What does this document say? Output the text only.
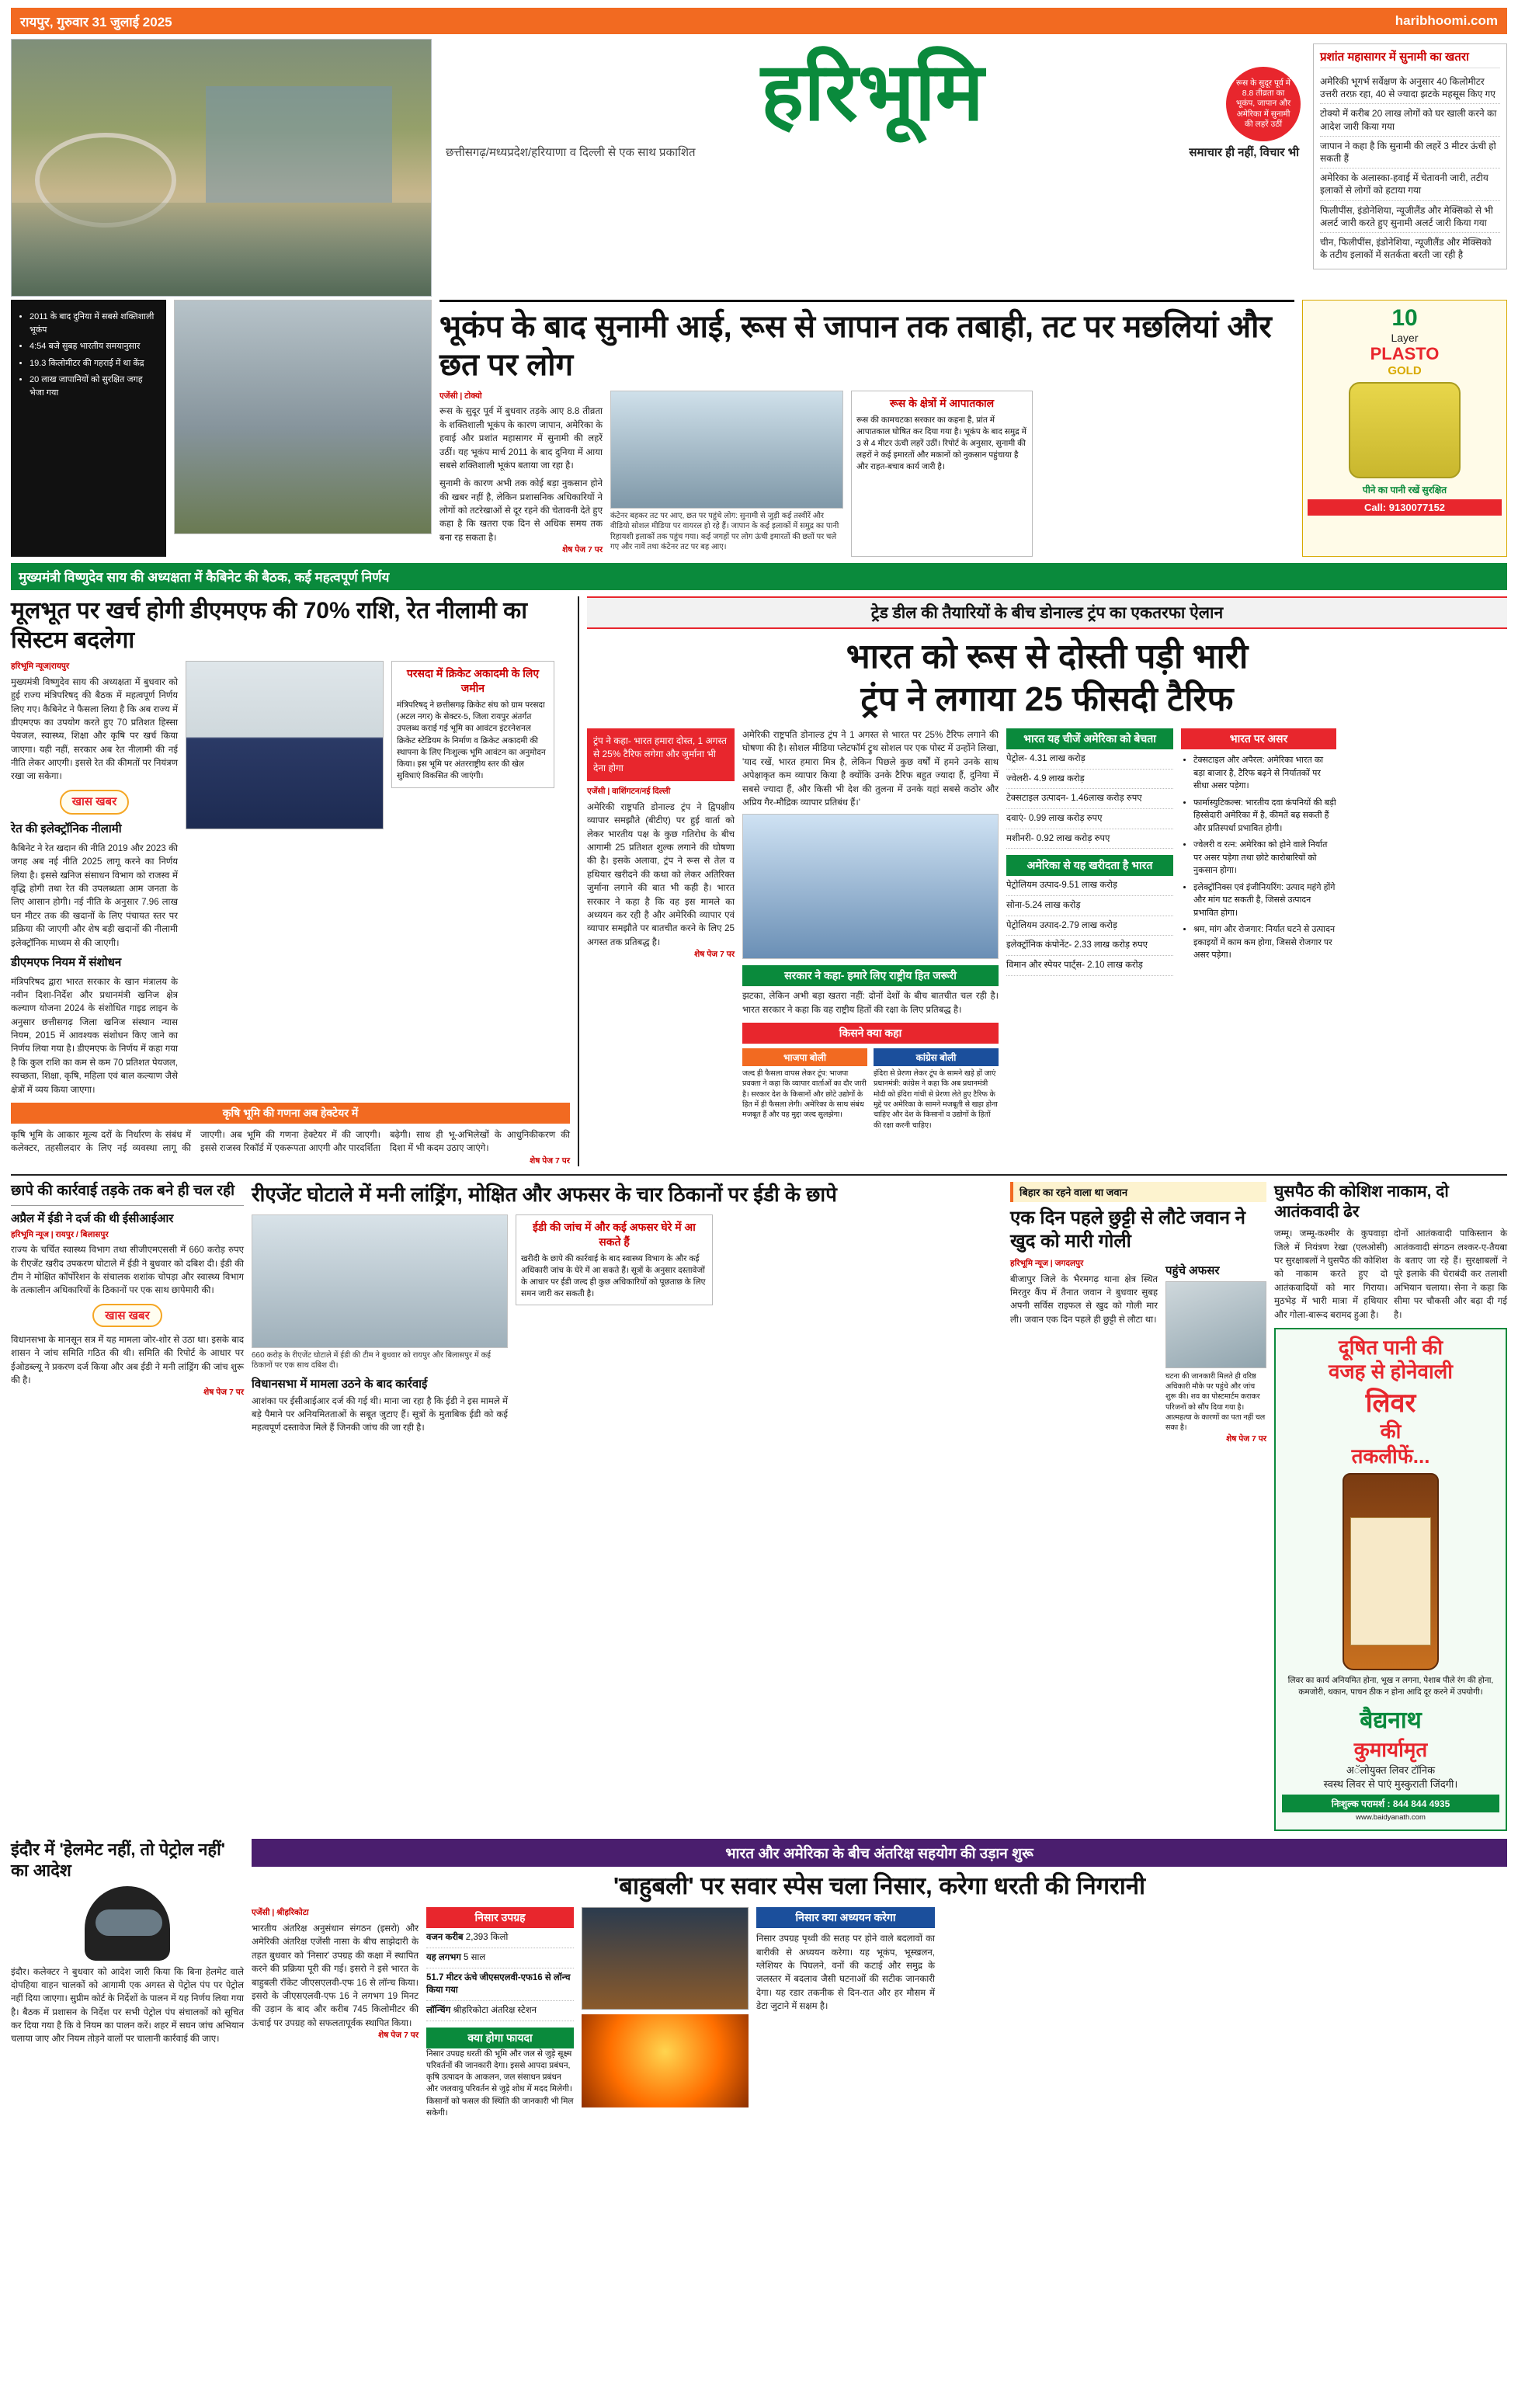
रायपुर, गुरुवार 31 जुलाई 2025	haribhoomi.com
हरिभूमि
छत्तीसगढ़/मध्यप्रदेश/हरियाणा व दिल्ली से एक साथ प्रकाशित	समाचार ही नहीं, विचार भी
रूस के सुदूर पूर्व में 8.8 तीव्रता का भूकंप, जापान और अमेरिका में सुनामी की लहरें उठीं
प्रशांत महासागर में सुनामी का खतरा
अमेरिकी भूगर्भ सर्वेक्षण के अनुसार 40 किलोमीटर उत्तरी तरफ़ रहा, 40 से ज्यादा झटके महसूस किए गए
टोक्यो में करीब 20 लाख लोगों को घर खाली करने का आदेश जारी किया गया
जापान ने कहा है कि सुनामी की लहरें 3 मीटर ऊंची हो सकती हैं
अमेरिका के अलास्का-हवाई में चेतावनी जारी, तटीय इलाकों से लोगों को हटाया गया
फिलीपींस, इंडोनेशिया, न्यूजीलैंड और मेक्सिको से भी अलर्ट जारी करते हुए सुनामी अलर्ट जारी किया गया
चीन, फिलीपींस, इंडोनेशिया, न्यूजीलैंड और मेक्सिको के तटीय इलाकों में सतर्कता बरती जा रही है
• 2011 के बाद दुनिया में सबसे शक्तिशाली भूकंप
• 4:54 बजे सुबह भारतीय समयानुसार
• 19.3 किलोमीटर की गहराई में था केंद्र
• 20 लाख जापानियों को सुरक्षित जगह भेजा गया
भूकंप के बाद सुनामी आई, रूस से जापान तक तबाही, तट पर मछलियां और छत पर लोग
एजेंसी | टोक्यो
रूस के सुदूर पूर्व में बुधवार तड़के आए 8.8 तीव्रता के शक्तिशाली भूकंप के कारण जापान, अमेरिका के हवाई और प्रशांत महासागर में सुनामी की लहरें उठीं। यह भूकंप मार्च 2011 के बाद दुनिया में आया सबसे शक्तिशाली भूकंप बताया जा रहा है।
सुनामी के कारण अभी तक कोई बड़ा नुकसान होने की खबर नहीं है, लेकिन प्रशासनिक अधिकारियों ने लोगों को तटरेखाओं से दूर रहने की चेतावनी देते हुए कहा है कि खतरा एक दिन से अधिक समय तक बना रह सकता है।
शेष पेज 7 पर
कंटेनर बहकर तट पर आए, छत पर पहुंचे लोग: सुनामी से जुड़ी कई तस्वीरें और वीडियो सोशल मीडिया पर वायरल हो रहे हैं। जापान के कई इलाकों में समुद्र का पानी रिहायशी इलाकों तक पहुंच गया। कई जगहों पर लोग ऊंची इमारतों की छतों पर चले गए और नावें तथा कंटेनर तट पर बह आए।
रूस के क्षेत्रों में आपातकाल
रूस की कामचटका सरकार का कहना है, प्रांत में आपातकाल घोषित कर दिया गया है। भूकंप के बाद समुद्र में 3 से 4 मीटर ऊंची लहरें उठीं। रिपोर्ट के अनुसार, सुनामी की लहरों ने कई इमारतों और मकानों को नुकसान पहुंचाया है और राहत-बचाव कार्य जारी है।
10
Layer
PLASTO
GOLD
पीने का पानी रखें सुरक्षित
Call: 9130077152
मुख्यमंत्री विष्णुदेव साय की अध्यक्षता में कैबिनेट की बैठक, कई महत्वपूर्ण निर्णय
मूलभूत पर खर्च होगी डीएमएफ की 70% राशि, रेत नीलामी का सिस्टम बदलेगा
हरिभूमि न्यूज|रायपुर
मुख्यमंत्री विष्णुदेव साय की अध्यक्षता में बुधवार को हुई राज्य मंत्रिपरिषद् की बैठक में महत्वपूर्ण निर्णय लिए गए। कैबिनेट ने फैसला लिया है कि अब राज्य में डीएमएफ का उपयोग करते हुए 70 प्रतिशत हिस्सा पेयजल, स्वास्थ्य, शिक्षा और कृषि पर खर्च किया जाएगा। यही नहीं, सरकार अब रेत नीलामी की नई नीति लेकर आएगी। इससे रेत की कीमतों पर नियंत्रण रखा जा सकेगा।
खास खबर
रेत की इलेक्ट्रॉनिक नीलामी
कैबिनेट ने रेत खदान की नीति 2019 और 2023 की जगह अब नई नीति 2025 लागू करने का निर्णय लिया है। इससे खनिज संसाधन विभाग को राजस्व में वृद्धि होगी तथा रेत की उपलब्धता आम जनता के लिए आसान होगी। नई नीति के अनुसार 7.96 लाख घन मीटर तक की खदानों के लिए पंचायत स्तर पर प्रक्रिया की जाएगी और शेष बड़ी खदानों की नीलामी इलेक्ट्रॉनिक माध्यम से की जाएगी।
डीएमएफ नियम में संशोधन
मंत्रिपरिषद द्वारा भारत सरकार के खान मंत्रालय के नवीन दिशा-निर्देश और प्रधानमंत्री खनिज क्षेत्र कल्याण योजना 2024 के संशोधित गाइड लाइन के अनुसार छत्तीसगढ़ जिला खनिज संस्थान न्यास नियम, 2015 में आवश्यक संशोधन किए जाने का निर्णय लिया गया है। डीएमएफ के निर्णय में कहा गया है कि कुल राशि का कम से कम 70 प्रतिशत पेयजल, स्वच्छता, शिक्षा, कृषि, महिला एवं बाल कल्याण जैसे क्षेत्रों में व्यय किया जाएगा।
परसदा में क्रिकेट अकादमी के लिए जमीन
मंत्रिपरिषद् ने छत्तीसगढ़ क्रिकेट संघ को ग्राम परसदा (अटल नगर) के सेक्टर-5, जिला रायपुर अंतर्गत उपलब्ध कराई गई भूमि का आवंटन इंटरनेशनल क्रिकेट स्टेडियम के निर्माण व क्रिकेट अकादमी की स्थापना के लिए निःशुल्क भूमि आवंटन का अनुमोदन किया। इस भूमि पर अंतरराष्ट्रीय स्तर की खेल सुविधाएं विकसित की जाएंगी।
कृषि भूमि की गणना अब हेक्टेयर में
कृषि भूमि के आकार मूल्य दरों के निर्धारण के संबंध में कलेक्टर, तहसीलदार के लिए नई व्यवस्था लागू की जाएगी। अब भूमि की गणना हेक्टेयर में की जाएगी। इससे राजस्व रिकॉर्ड में एकरूपता आएगी और पारदर्शिता बढ़ेगी। साथ ही भू-अभिलेखों के आधुनिकीकरण की दिशा में भी कदम उठाए जाएंगे।
शेष पेज 7 पर
ट्रेड डील की तैयारियों के बीच डोनाल्ड ट्रंप का एकतरफा ऐलान
भारत को रूस से दोस्ती पड़ी भारी
ट्रंप ने लगाया 25 फीसदी टैरिफ
ट्रंप ने कहा- भारत हमारा दोस्त, 1 अगस्त से 25% टैरिफ लगेगा और जुर्माना भी देना होगा
एजेंसी | वाशिंगटन/नई दिल्ली
अमेरिकी राष्ट्रपति डोनाल्ड ट्रंप ने द्विपक्षीय व्यापार समझौते (बीटीए) पर हुई वार्ता को लेकर भारतीय पक्ष के कुछ गतिरोध के बीच आगामी 25 प्रतिशत शुल्क लगाने की घोषणा की है। इसके अलावा, ट्रंप ने रूस से तेल व हथियार खरीदने की कथा को लेकर अतिरिक्त जुर्माना लगाने की बात भी कही है। भारत सरकार ने कहा है कि वह इस मामले का अध्ययन कर रही है और अमेरिकी व्यापार एवं व्यापार समझौते पर बातचीत करने के लिए 25 अगस्त तक प्रतिबद्ध है।
शेष पेज 7 पर
अमेरिकी राष्ट्रपति डोनाल्ड ट्रंप ने 1 अगस्त से भारत पर 25% टैरिफ लगाने की घोषणा की है। सोशल मीडिया प्लेटफॉर्म ट्रुथ सोशल पर एक पोस्ट में उन्होंने लिखा, 'याद रखें, भारत हमारा मित्र है, लेकिन पिछले कुछ वर्षों में हमने उनके साथ अपेक्षाकृत कम व्यापार किया है क्योंकि उनके टैरिफ बहुत ज्यादा हैं, दुनिया में सबसे ज्यादा हैं, और किसी भी देश की तुलना में उनके यहां सबसे कठोर और अप्रिय गैर-मौद्रिक व्यापार प्रतिबंध हैं।'
सरकार ने कहा- हमारे लिए राष्ट्रीय हित जरूरी
झटका, लेकिन अभी बड़ा खतरा नहीं: दोनों देशों के बीच बातचीत चल रही है। भारत सरकार ने कहा कि वह राष्ट्रीय हितों की रक्षा के लिए प्रतिबद्ध है।
किसने क्या कहा
भाजपा बोली
जल्द ही फैसला वापस लेकर टूंप: भाजपा प्रवक्ता ने कहा कि व्यापार वार्ताओं का दौर जारी है। सरकार देश के किसानों और छोटे उद्योगों के हित में ही फैसला लेगी। अमेरिका के साथ संबंध मजबूत हैं और यह मुद्दा जल्द सुलझेगा।
कांग्रेस बोली
इंदिरा से प्रेरणा लेकर टूंप के सामने खड़े हों जाएं प्रधानमंत्री: कांग्रेस ने कहा कि अब प्रधानमंत्री मोदी को इंदिरा गांधी से प्रेरणा लेते हुए टैरिफ के मुद्दे पर अमेरिका के सामने मजबूती से खड़ा होना चाहिए और देश के किसानों व उद्योगों के हितों की रक्षा करनी चाहिए।
भारत यह चीजें अमेरिका को बेचता
पेट्रोल- 4.31 लाख करोड़
ज्वेलरी- 4.9 लाख करोड़
टेक्सटाइल उत्पादन- 1.46लाख करोड़ रुपए
दवाएं- 0.99 लाख करोड़ रुपए
मशीनरी- 0.92 लाख करोड़ रुपए
अमेरिका से यह खरीदता है भारत
पेट्रोलियम उत्पाद-9.51 लाख करोड़
सोना-5.24 लाख करोड़
पेट्रोलियम उत्पाद-2.79 लाख करोड़
इलेक्ट्रॉनिक कंपोनेंट- 2.33 लाख करोड़ रुपए
विमान और स्पेयर पार्ट्स- 2.10 लाख करोड़
भारत पर असर
• टेक्सटाइल और अपैरल: अमेरिका भारत का बड़ा बाजार है, टैरिफ बढ़ने से निर्यातकों पर सीधा असर पड़ेगा।
• फार्मास्युटिकल्स: भारतीय दवा कंपनियों की बड़ी हिस्सेदारी अमेरिका में है, कीमतें बढ़ सकती हैं और प्रतिस्पर्धा प्रभावित होगी।
• ज्वेलरी व रत्न: अमेरिका को होने वाले निर्यात पर असर पड़ेगा तथा छोटे कारोबारियों को नुकसान होगा।
• इलेक्ट्रॉनिक्स एवं इंजीनियरिंग: उत्पाद महंगे होंगे और मांग घट सकती है, जिससे उत्पादन प्रभावित होगा।
• श्रम, मांग और रोजगार: निर्यात घटने से उत्पादन इकाइयों में काम कम होगा, जिससे रोजगार पर असर पड़ेगा।
छापे की कार्रवाई तड़के तक बने ही चल रही
अप्रैल में ईडी ने दर्ज की थी ईसीआईआर
हरिभूमि न्यूज | रायपुर / बिलासपुर
राज्य के चर्चित स्वास्थ्य विभाग तथा सीजीएमएससी में 660 करोड़ रुपए के रीएजेंट खरीद उपकरण घोटाले में ईडी ने बुधवार को दबिश दी। ईडी की टीम ने मोक्षित कॉर्पोरेशन के संचालक शशांक चोपड़ा और स्वास्थ्य विभाग के तत्कालीन अधिकारियों के ठिकानों पर एक साथ छापेमारी की।
खास खबर
विधानसभा के मानसून सत्र में यह मामला जोर-शोर से उठा था। इसके बाद शासन ने जांच समिति गठित की थी। समिति की रिपोर्ट के आधार पर ईओडब्ल्यू ने प्रकरण दर्ज किया और अब ईडी ने मनी लांड्रिंग की जांच शुरू की है।
शेष पेज 7 पर
रीएजेंट घोटाले में मनी लांड्रिंग, मोक्षित और अफसर के चार ठिकानों पर ईडी के छापे
660 करोड़ के रीएजेंट घोटाले में ईडी की टीम ने बुधवार को रायपुर और बिलासपुर में कई ठिकानों पर एक साथ दबिश दी।
विधानसभा में मामला उठने के बाद कार्रवाई
आशंका पर ईसीआईआर दर्ज की गई थी। माना जा रहा है कि ईडी ने इस मामले में बड़े पैमाने पर अनियमितताओं के सबूत जुटाए हैं। सूत्रों के मुताबिक ईडी को कई महत्वपूर्ण दस्तावेज मिले हैं जिनकी जांच की जा रही है।
ईडी की जांच में और कई अफसर घेरे में आ सकते हैं
खरीदी के छापे की कार्रवाई के बाद स्वास्थ्य विभाग के और कई अधिकारी जांच के घेरे में आ सकते हैं। सूत्रों के अनुसार दस्तावेजों के आधार पर ईडी जल्द ही कुछ अधिकारियों को पूछताछ के लिए समन जारी कर सकती है।
बिहार का रहने वाला था जवान
एक दिन पहले छुट्टी से लौटे जवान ने खुद को मारी गोली
हरिभूमि न्यूज | जगदलपुर
बीजापुर जिले के भैरमगढ़ थाना क्षेत्र स्थित मिरतुर कैंप में तैनात जवान ने बुधवार सुबह अपनी सर्विस राइफल से खुद को गोली मार ली। जवान एक दिन पहले ही छुट्टी से लौटा था।
पहुंचे अफसर
घटना की जानकारी मिलते ही वरिष्ठ अधिकारी मौके पर पहुंचे और जांच शुरू की। शव का पोस्टमार्टम कराकर परिजनों को सौंप दिया गया है। आत्महत्या के कारणों का पता नहीं चल सका है।
शेष पेज 7 पर
घुसपैठ की कोशिश नाकाम, दो आतंकवादी ढेर
जम्मू। जम्मू-कश्मीर के कुपवाड़ा जिले में नियंत्रण रेखा (एलओसी) पर सुरक्षाबलों ने घुसपैठ की कोशिश को नाकाम करते हुए दो आतंकवादियों को मार गिराया। मुठभेड़ में भारी मात्रा में हथियार और गोला-बारूद बरामद हुआ है।
दोनों आतंकवादी पाकिस्तान के आतंकवादी संगठन लश्कर-ए-तैयबा के बताए जा रहे हैं। सुरक्षाबलों ने पूरे इलाके की घेराबंदी कर तलाशी अभियान चलाया। सेना ने कहा कि सीमा पर चौकसी और बढ़ा दी गई है।
दूषित पानी की
वजह से होनेवाली
लिवर
की
तकलीफें...
लिवर का कार्य अनियमित होना, भूख न लगना, पेशाब पीले रंग की होना, कमजोरी, थकान, पाचन ठीक न होना आदि दूर करने में उपयोगी।
बैद्यनाथ
कुमार्यामृत
अॅलोयुक्त लिवर टॉनिक
स्वस्थ लिवर से पाएं मुस्कुराती जिंदगी।
निःशुल्क परामर्श : 844 844 4935
www.baidyanath.com
इंदौर में 'हेलमेट नहीं, तो पेट्रोल नहीं' का आदेश
इंदौर। कलेक्टर ने बुधवार को आदेश जारी किया कि बिना हेलमेट वाले दोपहिया वाहन चालकों को आगामी एक अगस्त से पेट्रोल पंप पर पेट्रोल नहीं दिया जाएगा। सुप्रीम कोर्ट के निर्देशों के पालन में यह निर्णय लिया गया है। बैठक में प्रशासन के निर्देश पर सभी पेट्रोल पंप संचालकों को सूचित कर दिया गया है कि वे नियम का पालन करें। शहर में सघन जांच अभियान चलाया जाए और नियम तोड़ने वालों पर चालानी कार्रवाई की जाए।
भारत और अमेरिका के बीच अंतरिक्ष सहयोग की उड़ान शुरू
'बाहुबली' पर सवार स्पेस चला निसार, करेगा धरती की निगरानी
एजेंसी | श्रीहरिकोटा
भारतीय अंतरिक्ष अनुसंधान संगठन (इसरो) और अमेरिकी अंतरिक्ष एजेंसी नासा के बीच साझेदारी के तहत बुधवार को 'निसार' उपग्रह की कक्षा में स्थापित करने की प्रक्रिया पूरी की गई। इसरो ने इसे भारत के बाहुबली रॉकेट जीएसएलवी-एफ 16 से लॉन्च किया। इसरो के जीएसएलवी-एफ 16 ने लगभग 19 मिनट की उड़ान के बाद और करीब 745 किलोमीटर की ऊंचाई पर उपग्रह को सफलतापूर्वक स्थापित किया।
शेष पेज 7 पर
निसार उपग्रह
वजन करीब 2,393 किलो
यह लगभग 5 साल
51.7 मीटर ऊंचे जीएसएलवी-एफ16 से लॉन्च किया गया
लॉन्चिंग श्रीहरिकोटा अंतरिक्ष स्टेशन
क्या होगा फायदा
निसार उपग्रह धरती की भूमि और जल से जुड़े सूक्ष्म परिवर्तनों की जानकारी देगा। इससे आपदा प्रबंधन, कृषि उत्पादन के आकलन, जल संसाधन प्रबंधन और जलवायु परिवर्तन से जुड़े शोध में मदद मिलेगी। किसानों को फसल की स्थिति की जानकारी भी मिल सकेगी।
निसार क्या अध्ययन करेगा
निसार उपग्रह पृथ्वी की सतह पर होने वाले बदलावों का बारीकी से अध्ययन करेगा। यह भूकंप, भूस्खलन, ग्लेशियर के पिघलने, वनों की कटाई और समुद्र के जलस्तर में बदलाव जैसी घटनाओं की सटीक जानकारी देगा। यह रडार तकनीक से दिन-रात और हर मौसम में डेटा जुटाने में सक्षम है।
